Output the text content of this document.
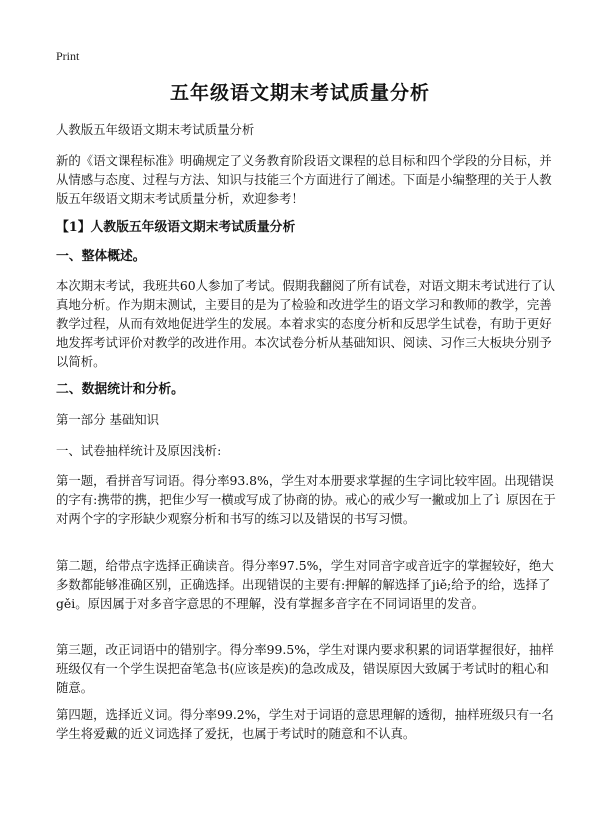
Print
五年级语文期末考试质量分析

人教版五年级语文期末考试质量分析

新的《语文课程标准》明确规定了义务教育阶段语文课程的总目标和四个学段的分目标，并从情感与态度、过程与方法、知识与技能三个方面进行了阐述。下面是小编整理的关于人教版五年级语文期末考试质量分析，欢迎参考！

【1】人教版五年级语文期末考试质量分析

一、整体概述。

本次期末考试，我班共60人参加了考试。假期我翻阅了所有试卷，对语文期末考试进行了认真地分析。作为期末测试，主要目的是为了检验和改进学生的语文学习和教师的教学，完善教学过程，从而有效地促进学生的发展。本着求实的态度分析和反思学生试卷，有助于更好地发挥考试评价对教学的改进作用。本次试卷分析从基础知识、阅读、习作三大板块分别予以简析。

二、数据统计和分析。

第一部分 基础知识

一、试卷抽样统计及原因浅析:

第一题，看拼音写词语。得分率93.8%，学生对本册要求掌握的生字词比较牢固。出现错误的字有:携带的携，把隹少写一横或写成了协商的协。戒心的戒少写一撇或加上了讠原因在于对两个字的字形缺少观察分析和书写的练习以及错误的书写习惯。

第二题，给带点字选择正确读音。得分率97.5%，学生对同音字或音近字的掌握较好，绝大多数都能够准确区别，正确选择。出现错误的主要有:押解的解选择了jiě;给予的给，选择了gěi。原因属于对多音字意思的不理解，没有掌握多音字在不同词语里的发音。

第三题，改正词语中的错别字。得分率99.5%，学生对课内要求积累的词语掌握很好，抽样班级仅有一个学生误把奋笔急书(应该是疾)的急改成及，错误原因大致属于考试时的粗心和随意。

第四题，选择近义词。得分率99.2%，学生对于词语的意思理解的透彻，抽样班级只有一名学生将爱戴的近义词选择了爱抚，也属于考试时的随意和不认真。
